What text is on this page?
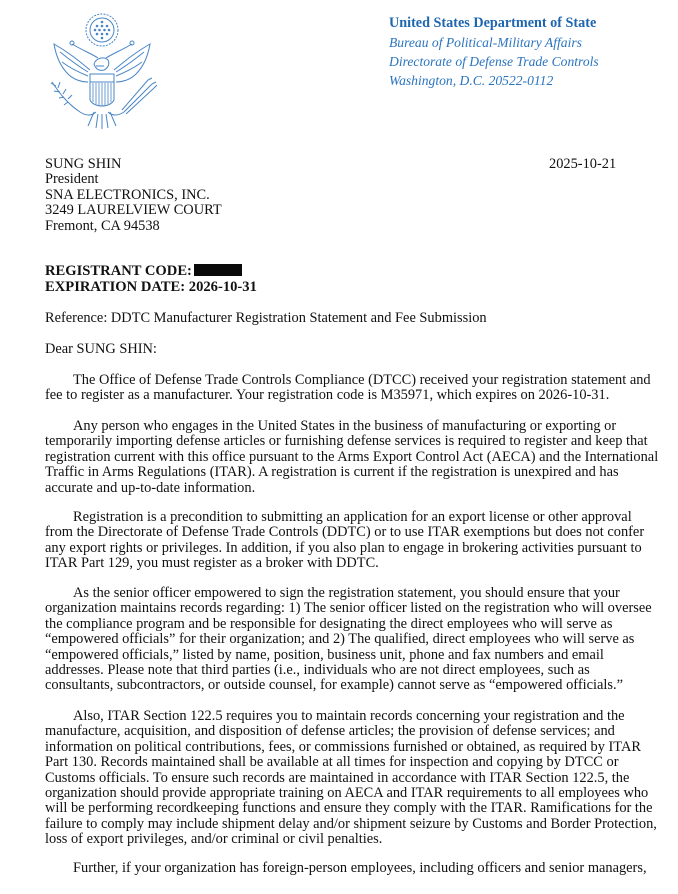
United States Department of State
Bureau of Political-Military Affairs
Directorate of Defense Trade Controls
Washington, D.C. 20522-0112
SUNG SHIN
President
SNA ELECTRONICS, INC.
3249 LAURELVIEW COURT
Fremont, CA 94538
2025-10-21
REGISTRANT CODE:
EXPIRATION DATE: 2026-10-31
Reference: DDTC Manufacturer Registration Statement and Fee Submission
Dear SUNG SHIN:
The Office of Defense Trade Controls Compliance (DTCC) received your registration statement and
fee to register as a manufacturer. Your registration code is M35971, which expires on 2026-10-31.
Any person who engages in the United States in the business of manufacturing or exporting or
temporarily importing defense articles or furnishing defense services is required to register and keep that
registration current with this office pursuant to the Arms Export Control Act (AECA) and the International
Traffic in Arms Regulations (ITAR). A registration is current if the registration is unexpired and has
accurate and up-to-date information.
Registration is a precondition to submitting an application for an export license or other approval
from the Directorate of Defense Trade Controls (DDTC) or to use ITAR exemptions but does not confer
any export rights or privileges. In addition, if you also plan to engage in brokering activities pursuant to
ITAR Part 129, you must register as a broker with DDTC.
As the senior officer empowered to sign the registration statement, you should ensure that your
organization maintains records regarding: 1) The senior officer listed on the registration who will oversee
the compliance program and be responsible for designating the direct employees who will serve as
“empowered officials” for their organization; and 2) The qualified, direct employees who will serve as
“empowered officials,” listed by name, position, business unit, phone and fax numbers and email
addresses. Please note that third parties (i.e., individuals who are not direct employees, such as
consultants, subcontractors, or outside counsel, for example) cannot serve as “empowered officials.”
Also, ITAR Section 122.5 requires you to maintain records concerning your registration and the
manufacture, acquisition, and disposition of defense articles; the provision of defense services; and
information on political contributions, fees, or commissions furnished or obtained, as required by ITAR
Part 130. Records maintained shall be available at all times for inspection and copying by DTCC or
Customs officials. To ensure such records are maintained in accordance with ITAR Section 122.5, the
organization should provide appropriate training on AECA and ITAR requirements to all employees who
will be performing recordkeeping functions and ensure they comply with the ITAR. Ramifications for the
failure to comply may include shipment delay and/or shipment seizure by Customs and Border Protection,
loss of export privileges, and/or criminal or civil penalties.
Further, if your organization has foreign-person employees, including officers and senior managers,
